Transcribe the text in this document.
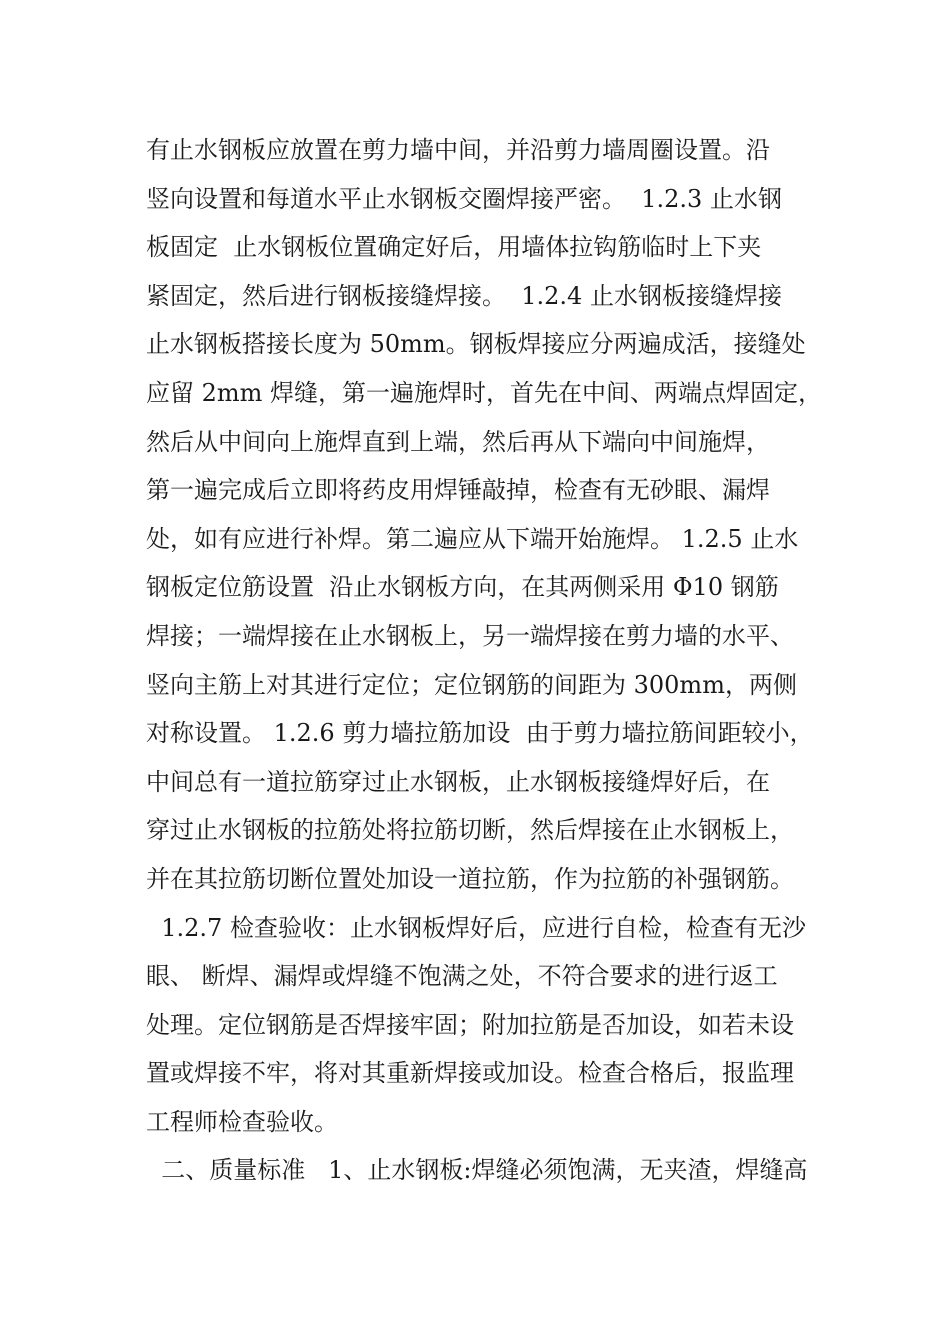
有止水钢板应放置在剪力墙中间，并沿剪力墙周圈设置。沿
竖向设置和每道水平止水钢板交圈焊接严密。  1.2.3 止水钢
板固定  止水钢板位置确定好后，用墙体拉钩筋临时上下夹
紧固定，然后进行钢板接缝焊接。  1.2.4 止水钢板接缝焊接
止水钢板搭接长度为 50mm。钢板焊接应分两遍成活，接缝处
应留 2mm 焊缝，第一遍施焊时，首先在中间、两端点焊固定，
然后从中间向上施焊直到上端，然后再从下端向中间施焊，
第一遍完成后立即将药皮用焊锤敲掉，检查有无砂眼、漏焊
处，如有应进行补焊。第二遍应从下端开始施焊。 1.2.5 止水
钢板定位筋设置  沿止水钢板方向，在其两侧采用 Φ10 钢筋
焊接；一端焊接在止水钢板上，另一端焊接在剪力墙的水平、
竖向主筋上对其进行定位；定位钢筋的间距为 300mm，两侧
对称设置。 1.2.6 剪力墙拉筋加设  由于剪力墙拉筋间距较小，
中间总有一道拉筋穿过止水钢板，止水钢板接缝焊好后，在
穿过止水钢板的拉筋处将拉筋切断，然后焊接在止水钢板上，
并在其拉筋切断位置处加设一道拉筋，作为拉筋的补强钢筋。
1.2.7 检查验收：止水钢板焊好后，应进行自检，检查有无沙
眼、 断焊、漏焊或焊缝不饱满之处，不符合要求的进行返工
处理。定位钢筋是否焊接牢固；附加拉筋是否加设，如若未设
置或焊接不牢，将对其重新焊接或加设。检查合格后，报监理
工程师检查验收。
二、质量标准   1、止水钢板:焊缝必须饱满，无夹渣，焊缝高
